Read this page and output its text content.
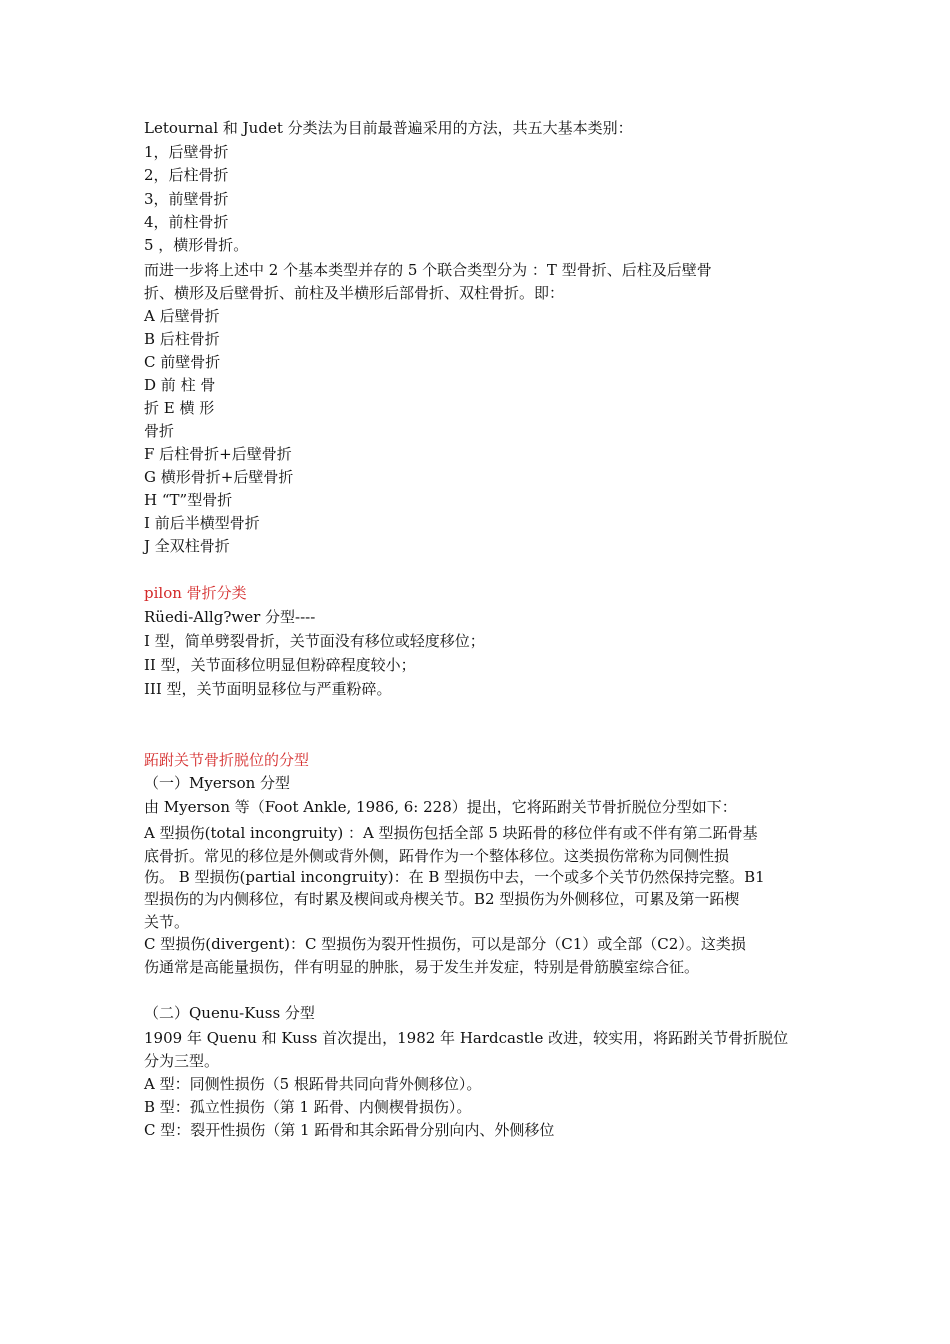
Letournal 和 Judet 分类法为目前最普遍采用的方法，共五大基本类别：
1，后壁骨折
2，后柱骨折
3，前壁骨折
4，前柱骨折
5 ，横形骨折。
而进一步将上述中 2 个基本类型并存的 5 个联合类型分为 ：T 型骨折、后柱及后壁骨
折、横形及后壁骨折、前柱及半横形后部骨折、双柱骨折。即：
A 后壁骨折
B 后柱骨折
C 前壁骨折
D 前 柱 骨
折 E 横 形
骨折
F 后柱骨折+后壁骨折
G 横形骨折+后壁骨折
H “T”型骨折
I 前后半横型骨折
J 全双柱骨折
pilon 骨折分类
Rüedi-Allg?wer 分型----
I 型，简单劈裂骨折，关节面没有移位或轻度移位；
II 型，关节面移位明显但粉碎程度较小；
III 型，关节面明显移位与严重粉碎。
跖跗关节骨折脱位的分型
（一）Myerson 分型
由 Myerson 等（Foot Ankle, 1986, 6: 228）提出，它将跖跗关节骨折脱位分型如下：
A 型损伤(total incongruity) ：A 型损伤包括全部 5 块跖骨的移位伴有或不伴有第二跖骨基
底骨折。常见的移位是外侧或背外侧，跖骨作为一个整体移位。这类损伤常称为同侧性损
伤。 B 型损伤(partial incongruity)：在 B 型损伤中去，一个或多个关节仍然保持完整。B1
型损伤的为内侧移位，有时累及楔间或舟楔关节。B2 型损伤为外侧移位，可累及第一跖楔
关节。
C 型损伤(divergent)：C 型损伤为裂开性损伤，可以是部分（C1）或全部（C2）。这类损
伤通常是高能量损伤，伴有明显的肿胀，易于发生并发症，特别是骨筋膜室综合征。
（二）Quenu-Kuss 分型
1909 年 Quenu 和 Kuss 首次提出，1982 年 Hardcastle 改进，较实用，将跖跗关节骨折脱位
分为三型。
A 型：同侧性损伤（5 根跖骨共同向背外侧移位）。
B 型：孤立性损伤（第 1 跖骨、内侧楔骨损伤）。
C 型：裂开性损伤（第 1 跖骨和其余跖骨分别向内、外侧移位
